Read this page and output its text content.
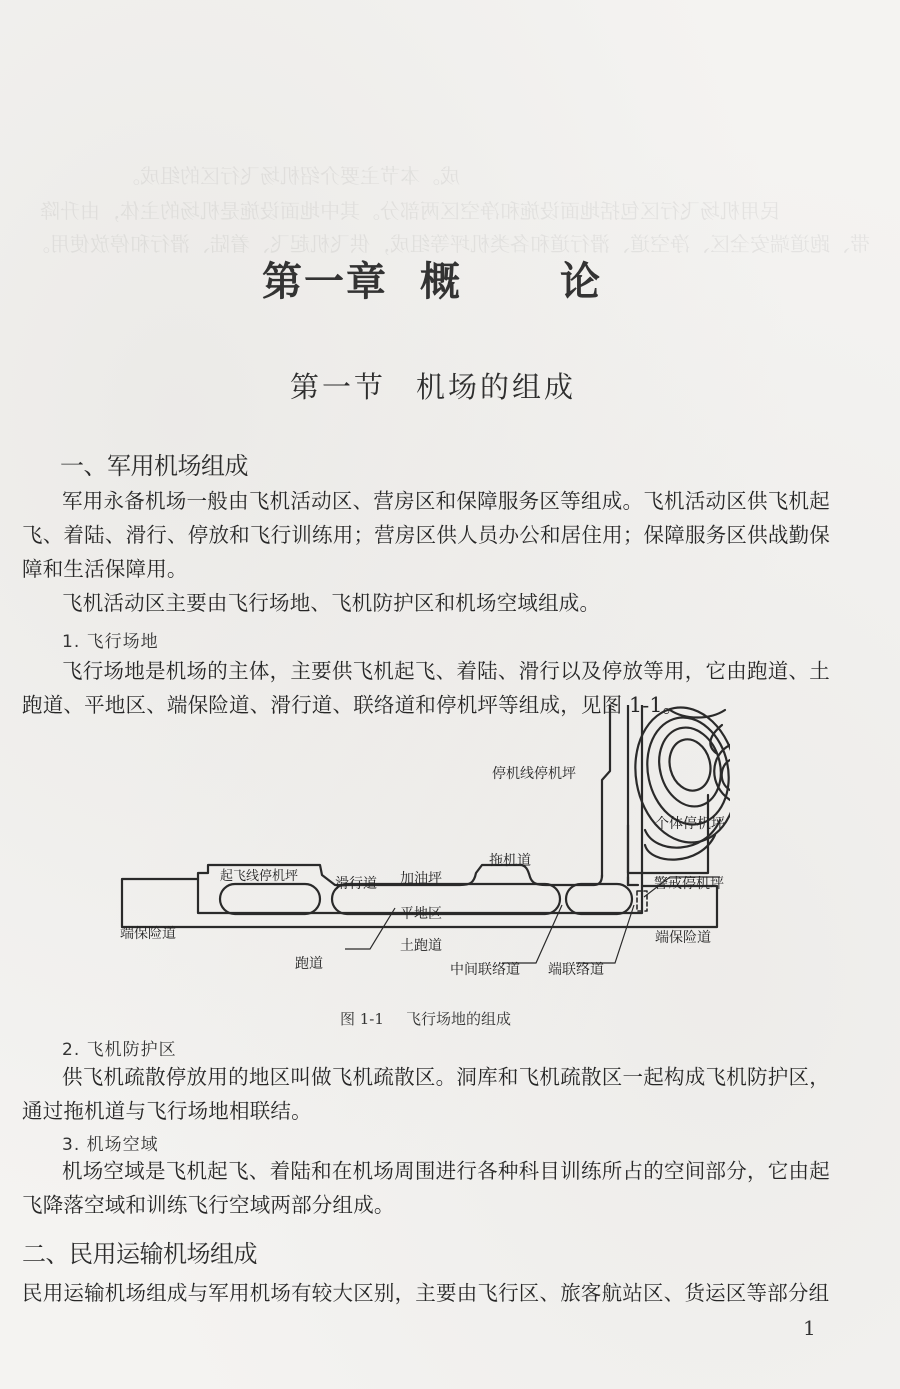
第一章 概 论
第一节 机场的组成
一、军用机场组成
军用永备机场一般由飞机活动区、营房区和保障服务区等组成。飞机活动区供飞机起飞、着陆、滑行、停放和飞行训练用；营房区供人员办公和居住用；保障服务区供战勤保障和生活保障用。
飞机活动区主要由飞行场地、飞机防护区和机场空域组成。
1. 飞行场地
飞行场地是机场的主体，主要供飞机起飞、着陆、滑行以及停放等用，它由跑道、土跑道、平地区、端保险道、滑行道、联络道和停机坪等组成，见图 1-1。
停机线停机坪
个体停机坪
拖机道
起飞线停机坪	滑行道 加油坪	警戒停机坪
平地区
端保险道	端保险道
土跑道
跑道	中间联络道 端联络道
图 1-1 飞行场地的组成
2. 飞机防护区
供飞机疏散停放用的地区叫做飞机疏散区。洞库和飞机疏散区一起构成飞机防护区，通过拖机道与飞行场地相联结。
3. 机场空域
机场空域是飞机起飞、着陆和在机场周围进行各种科目训练所占的空间部分，它由起飞降落空域和训练飞行空域两部分组成。
二、民用运输机场组成
民用运输机场组成与军用机场有较大区别，主要由飞行区、旅客航站区、货运区等部分组
1
